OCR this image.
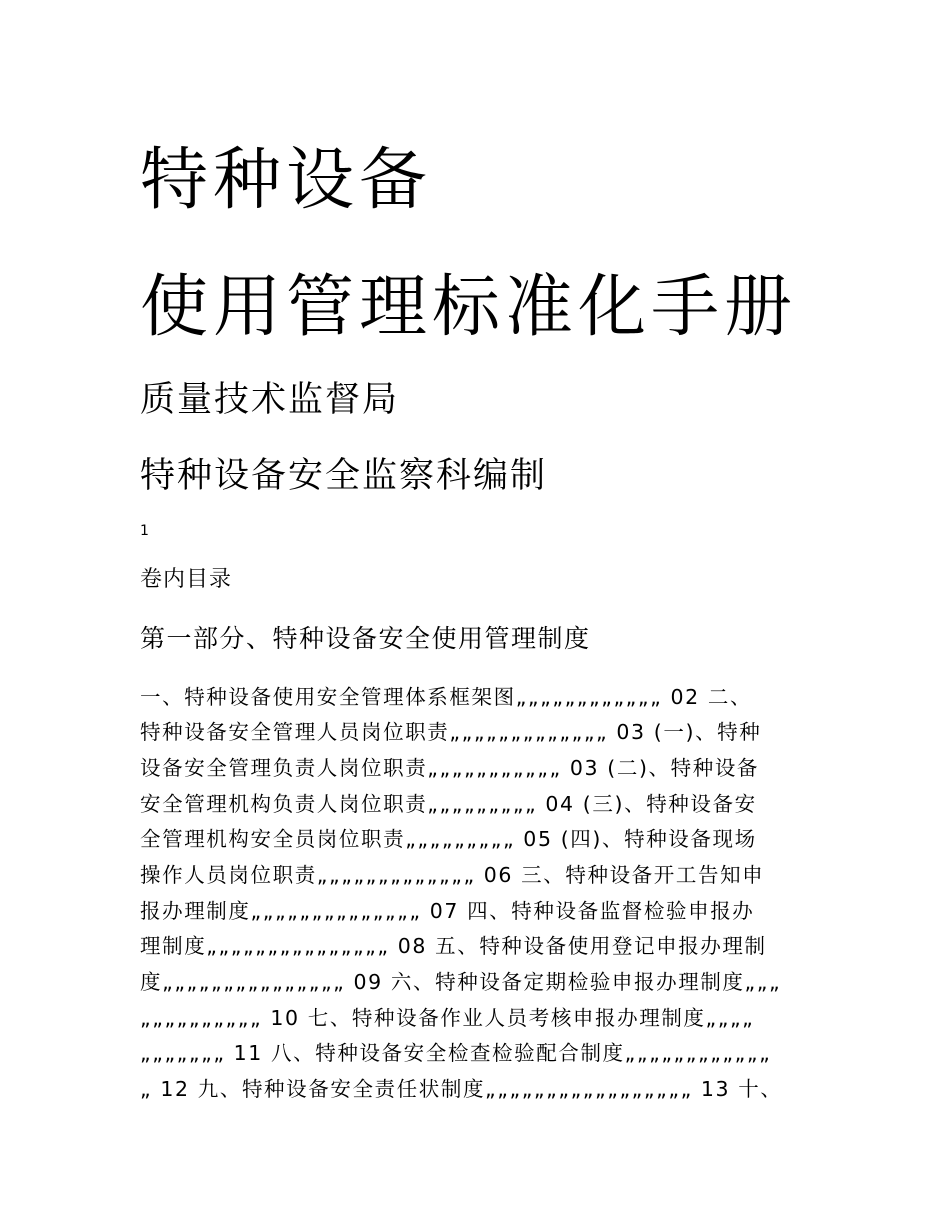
特种设备
使用管理标准化手册
质量技术监督局
特种设备安全监察科编制
1
卷内目录
第一部分、特种设备安全使用管理制度
一、特种设备使用安全管理体系框架图„„„„„„„„„„„„ 02 二、
特种设备安全管理人员岗位职责„„„„„„„„„„„„„ 03 (一)、特种
设备安全管理负责人岗位职责„„„„„„„„„„„ 03 (二)、特种设备
安全管理机构负责人岗位职责„„„„„„„„„ 04 (三)、特种设备安
全管理机构安全员岗位职责„„„„„„„„„ 05 (四)、特种设备现场
操作人员岗位职责„„„„„„„„„„„„„ 06 三、特种设备开工告知申
报办理制度„„„„„„„„„„„„„„ 07 四、特种设备监督检验申报办
理制度„„„„„„„„„„„„„„„ 08 五、特种设备使用登记申报办理制
度„„„„„„„„„„„„„„„ 09 六、特种设备定期检验申报办理制度„„„
„„„„„„„„„„ 10 七、特种设备作业人员考核申报办理制度„„„„
„„„„„„„ 11 八、特种设备安全检查检验配合制度„„„„„„„„„„„„
„ 12 九、特种设备安全责任状制度„„„„„„„„„„„„„„„„„ 13 十、
